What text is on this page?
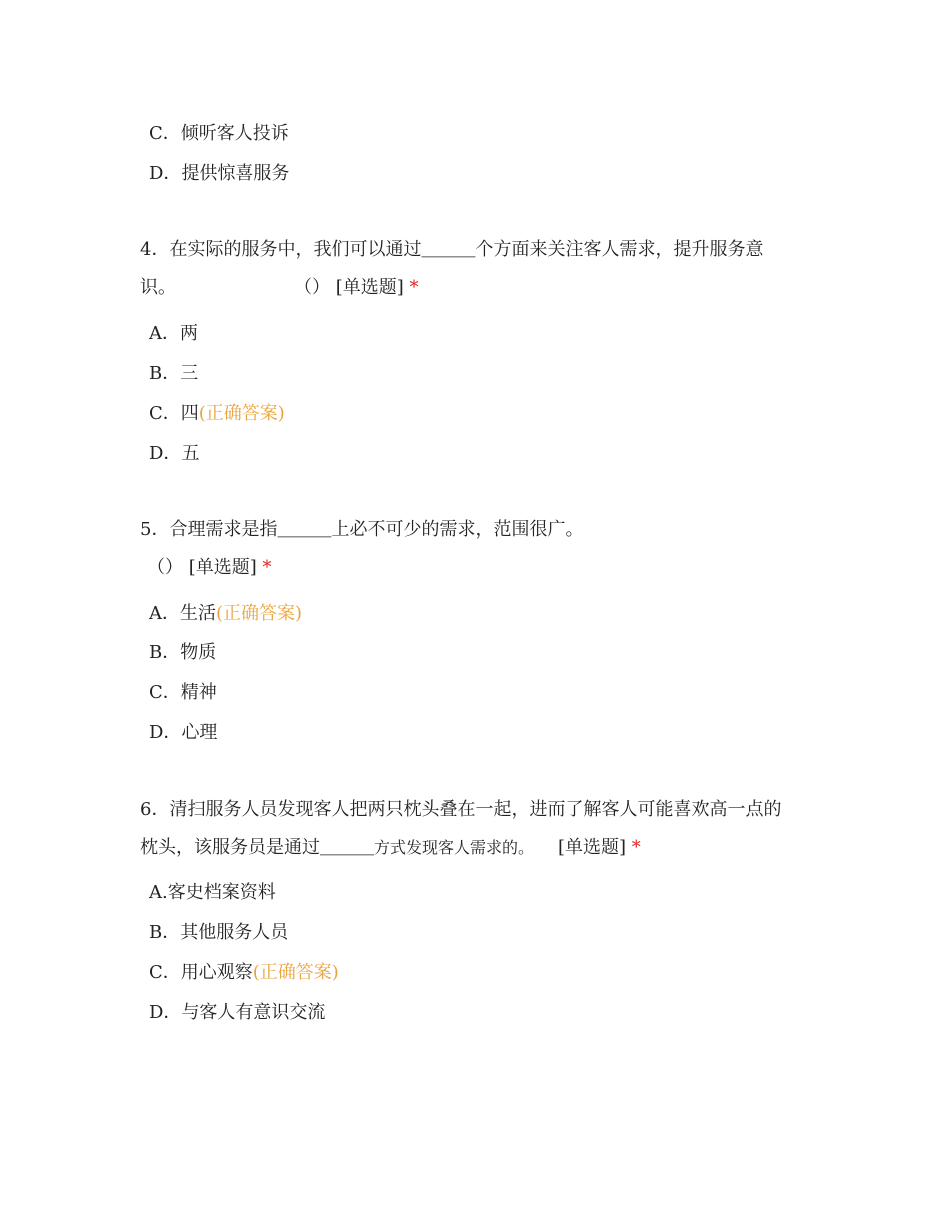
C．倾听客人投诉
D．提供惊喜服务
4．在实际的服务中，我们可以通过＿＿＿个方面来关注客人需求，提升服务意
识。	（） [单选题] *
A．两
B．三
C．四(正确答案)
D．五
5．合理需求是指＿＿＿上必不可少的需求，范围很广。
（） [单选题] *
A．生活(正确答案)
B．物质
C．精神
D．心理
6．清扫服务人员发现客人把两只枕头叠在一起，进而了解客人可能喜欢高一点的
枕头，该服务员是通过＿＿＿方式发现客人需求的。 [单选题] *
A.客史档案资料
B．其他服务人员
C．用心观察(正确答案)
D．与客人有意识交流
